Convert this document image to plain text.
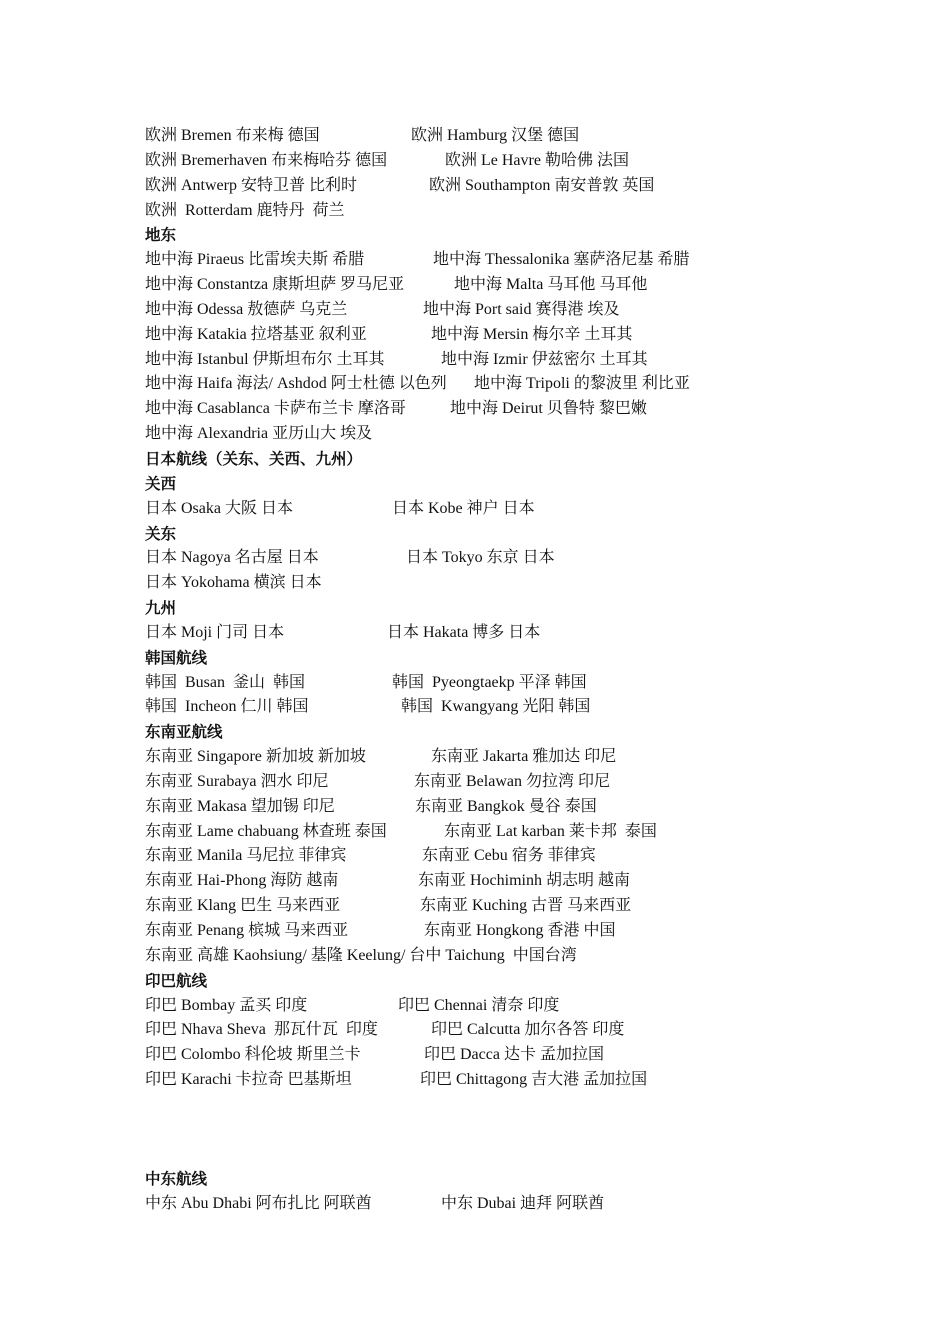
欧洲 Bremen 布来梅 德国	欧洲 Hamburg 汉堡 德国
欧洲 Bremerhaven 布来梅哈芬 德国	欧洲 Le Havre 勒哈佛 法国
欧洲 Antwerp 安特卫普 比利时	欧洲 Southampton 南安普敦 英国
欧洲  Rotterdam 鹿特丹  荷兰
地东
地中海 Piraeus 比雷埃夫斯 希腊	地中海 Thessalonika 塞萨洛尼基 希腊
地中海 Constantza 康斯坦萨 罗马尼亚	地中海 Malta 马耳他 马耳他
地中海 Odessa 敖德萨 乌克兰	地中海 Port said 赛得港 埃及
地中海 Katakia 拉塔基亚 叙利亚	地中海 Mersin 梅尔辛 土耳其
地中海 Istanbul 伊斯坦布尔 土耳其	地中海 Izmir 伊兹密尔 土耳其
地中海 Haifa 海法/ Ashdod 阿士杜德 以色列 地中海 Tripoli 的黎波里 利比亚
地中海 Casablanca 卡萨布兰卡 摩洛哥	地中海 Deirut 贝鲁特 黎巴嫩
地中海 Alexandria 亚历山大 埃及
日本航线（关东、关西、九州）
关西
日本 Osaka 大阪 日本	日本 Kobe 神户 日本
关东
日本 Nagoya 名古屋 日本	日本 Tokyo 东京 日本
日本 Yokohama 横滨 日本
九州
日本 Moji 门司 日本	日本 Hakata 博多 日本
韩国航线
韩国  Busan  釜山  韩国	韩国  Pyeongtaekp 平泽 韩国
韩国  Incheon 仁川 韩国	韩国  Kwangyang 光阳 韩国
东南亚航线
东南亚 Singapore 新加坡 新加坡	东南亚 Jakarta 雅加达 印尼
东南亚 Surabaya 泗水 印尼	东南亚 Belawan 勿拉湾 印尼
东南亚 Makasa 望加锡 印尼	东南亚 Bangkok 曼谷 泰国
东南亚 Lame chabuang 林查班 泰国	东南亚 Lat karban 莱卡邦  泰国
东南亚 Manila 马尼拉 菲律宾	东南亚 Cebu 宿务 菲律宾
东南亚 Hai-Phong 海防 越南	东南亚 Hochiminh 胡志明 越南
东南亚 Klang 巴生 马来西亚	东南亚 Kuching 古晋 马来西亚
东南亚 Penang 槟城 马来西亚	东南亚 Hongkong 香港 中国
东南亚 高雄 Kaohsiung/ 基隆 Keelung/ 台中 Taichung  中国台湾
印巴航线
印巴 Bombay 孟买 印度	印巴 Chennai 清奈 印度
印巴 Nhava Sheva  那瓦什瓦  印度	印巴 Calcutta 加尔各答 印度
印巴 Colombo 科伦坡 斯里兰卡	印巴 Dacca 达卡 孟加拉国
印巴 Karachi 卡拉奇 巴基斯坦	印巴 Chittagong 吉大港 孟加拉国
中东航线
中东 Abu Dhabi 阿布扎比 阿联酋	中东 Dubai 迪拜 阿联酋
